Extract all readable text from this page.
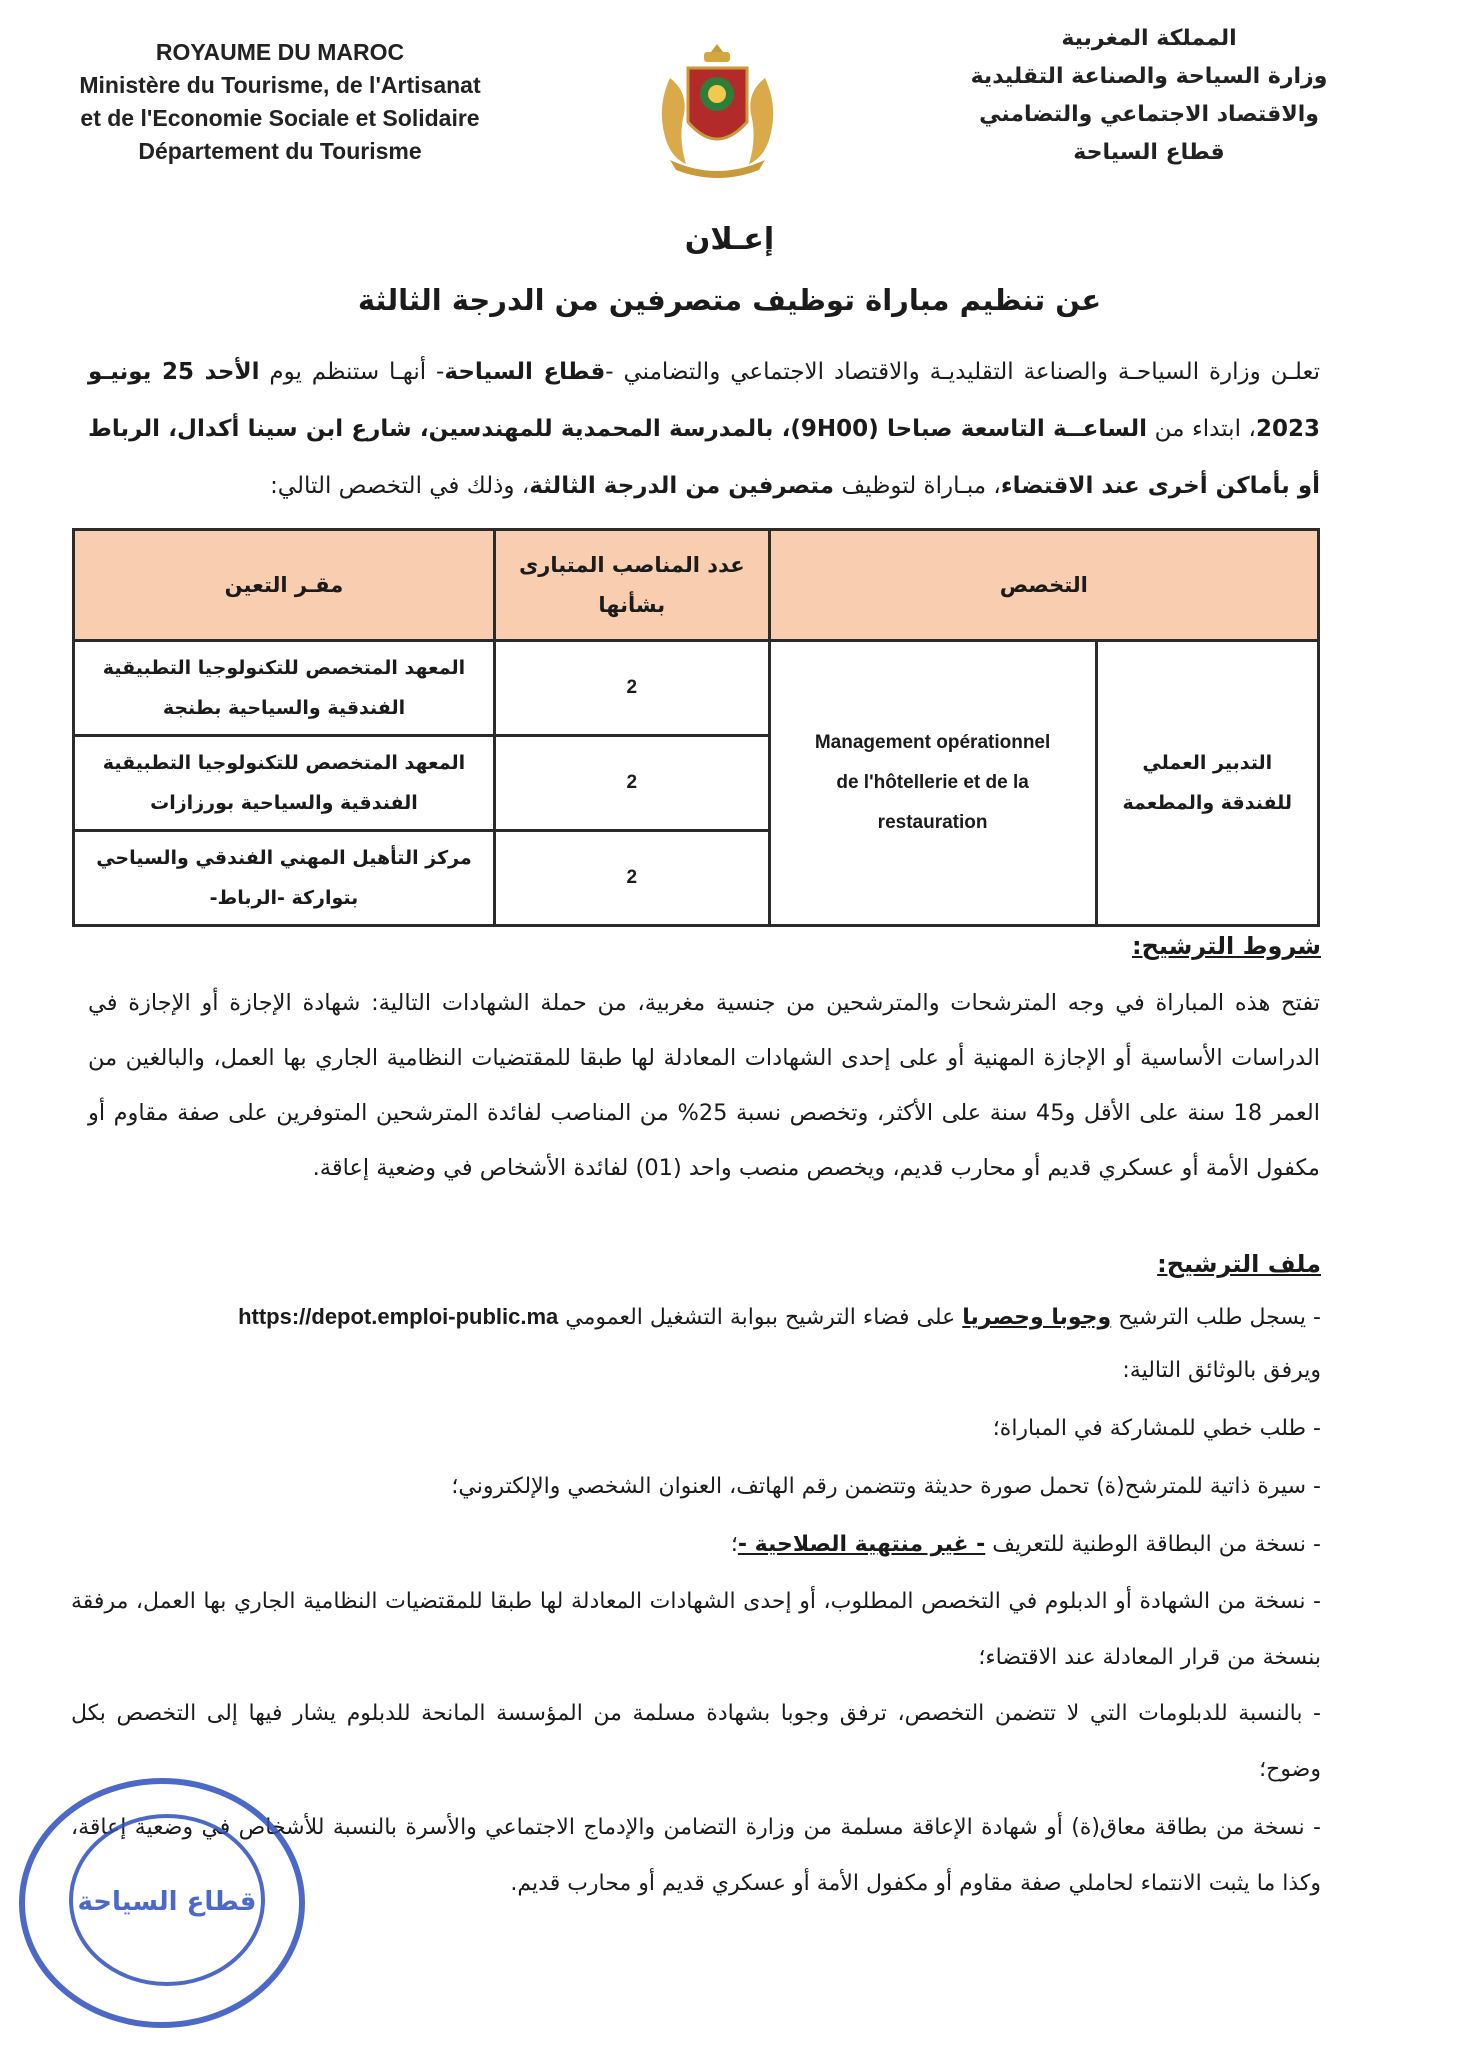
ROYAUME DU MAROC
Ministère du Tourisme, de l'Artisanat
et de l'Economie Sociale et Solidaire
Département du Tourisme
المملكة المغربية
وزارة السياحة والصناعة التقليدية
والاقتصاد الاجتماعي والتضامني
قطاع السياحة
إعـلان
عن تنظيم مباراة توظيف متصرفين من الدرجة الثالثة
تعلـن وزارة السياحـة والصناعة التقليديـة والاقتصاد الاجتماعي والتضامني -قطاع السياحة- أنهـا ستنظم يوم الأحد 25 يونيـو 2023، ابتداء من الساعــة التاسعة صباحا (9H00)، بالمدرسة المحمدية للمهندسين، شارع ابن سينا أكدال، الرباط أو بأماكن أخرى عند الاقتضاء، مبـاراة لتوظيف متصرفين من الدرجة الثالثة، وذلك في التخصص التالي:
التخصص		عدد المناصب المتبارى بشأنها	مقـر التعين
التدبير العملي للفندقة والمطعمة	Management opérationnel
de l'hôtellerie et de la restauration	2	المعهد المتخصص للتكنولوجيا التطبيقية الفندقية والسياحية بطنجة
		2	المعهد المتخصص للتكنولوجيا التطبيقية الفندقية والسياحية بورزازات
		2	مركز التأهيل المهني الفندقي والسياحي بتواركة -الرباط-
شروط الترشيح:
تفتح هذه المباراة في وجه المترشحات والمترشحين من جنسية مغربية، من حملة الشهادات التالية: شهادة الإجازة أو الإجازة في الدراسات الأساسية أو الإجازة المهنية أو على إحدى الشهادات المعادلة لها طبقا للمقتضيات النظامية الجاري بها العمل، والبالغين من العمر 18 سنة على الأقل و45 سنة على الأكثر، وتخصص نسبة 25% من المناصب لفائدة المترشحين المتوفرين على صفة مقاوم أو مكفول الأمة أو عسكري قديم أو محارب قديم، ويخصص منصب واحد (01) لفائدة الأشخاص في وضعية إعاقة.
ملف الترشيح:
- يسجل طلب الترشيح وجوبا وحصريا على فضاء الترشيح ببوابة التشغيل العمومي https://depot.emploi-public.ma
ويرفق بالوثائق التالية:
- طلب خطي للمشاركة في المباراة؛
- سيرة ذاتية للمترشح(ة) تحمل صورة حديثة وتتضمن رقم الهاتف، العنوان الشخصي والإلكتروني؛
- نسخة من البطاقة الوطنية للتعريف - غير منتهية الصلاحية -؛
- نسخة من الشهادة أو الدبلوم في التخصص المطلوب، أو إحدى الشهادات المعادلة لها طبقا للمقتضيات النظامية الجاري بها العمل، مرفقة بنسخة من قرار المعادلة عند الاقتضاء؛
- بالنسبة للدبلومات التي لا تتضمن التخصص، ترفق وجوبا بشهادة مسلمة من المؤسسة المانحة للدبلوم يشار فيها إلى التخصص بكل وضوح؛
- نسخة من بطاقة معاق(ة) أو شهادة الإعاقة مسلمة من وزارة التضامن والإدماج الاجتماعي والأسرة بالنسبة للأشخاص في وضعية إعاقة، وكذا ما يثبت الانتماء لحاملي صفة مقاوم أو مكفول الأمة أو عسكري قديم أو محارب قديم.
قطاع السياحة
